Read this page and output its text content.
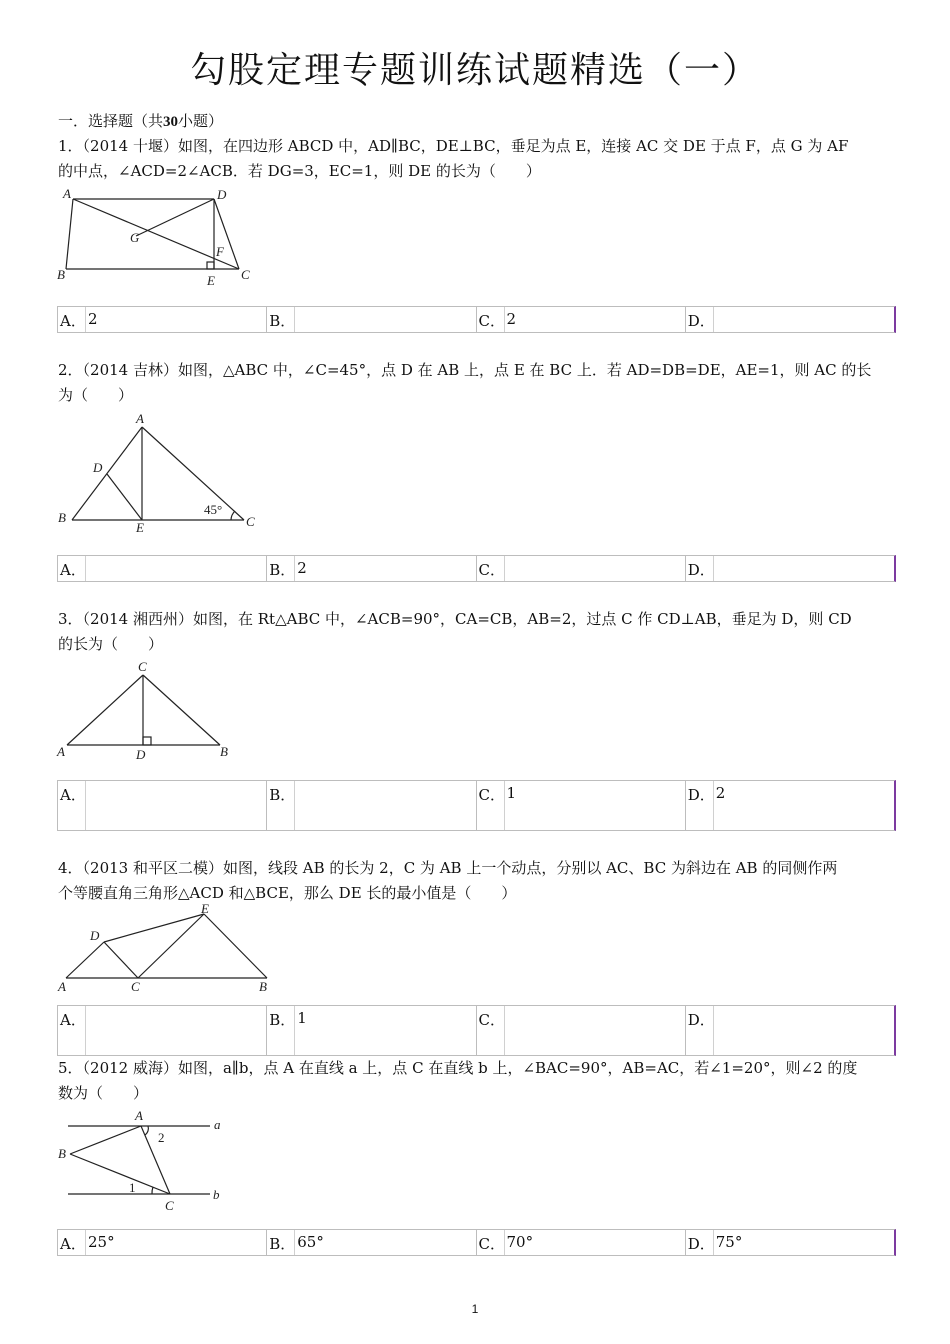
勾股定理专题训练试题精选（一）
一．选择题（共30小题）
1．（2014 十堰）如图，在四边形 ABCD 中，AD∥BC，DE⊥BC，垂足为点 E，连接 AC 交 DE 于点 F，点 G 为 AF
的中点，∠ACD=2∠ACB．若 DG=3，EC=1，则 DE 的长为（　　）
A	D
G
F
B	E C
A． 2	B．	C． 2	D．
2．（2014 吉林）如图，△ABC 中，∠C=45°，点 D 在 AB 上，点 E 在 BC 上．若 AD=DB=DE，AE=1，则 AC 的长
为（　　）
A
D
B
E
45°
C
A．	B． 2	C．	D．
3．（2014 湘西州）如图，在 Rt△ABC 中，∠ACB=90°，CA=CB，AB=2，过点 C 作 CD⊥AB，垂足为 D，则 CD
的长为（　　）
C
A	D	B
A．	B．	C． 1	D． 2
4．（2013 和平区二模）如图，线段 AB 的长为 2，C 为 AB 上一个动点，分别以 AC、BC 为斜边在 AB 的同侧作两
个等腰直角三角形△ACD 和△BCE，那么 DE 长的最小值是（　　）
E
D
A	C	B
A．	B． 1	C．	D．
5．（2012 威海）如图，a∥b，点 A 在直线 a 上，点 C 在直线 b 上，∠BAC=90°，AB=AC，若∠1=20°，则∠2 的度
数为（　　）
A
a
2
B
1	b
C
A． 25°	B． 65°	C． 70°	D． 75°
1
